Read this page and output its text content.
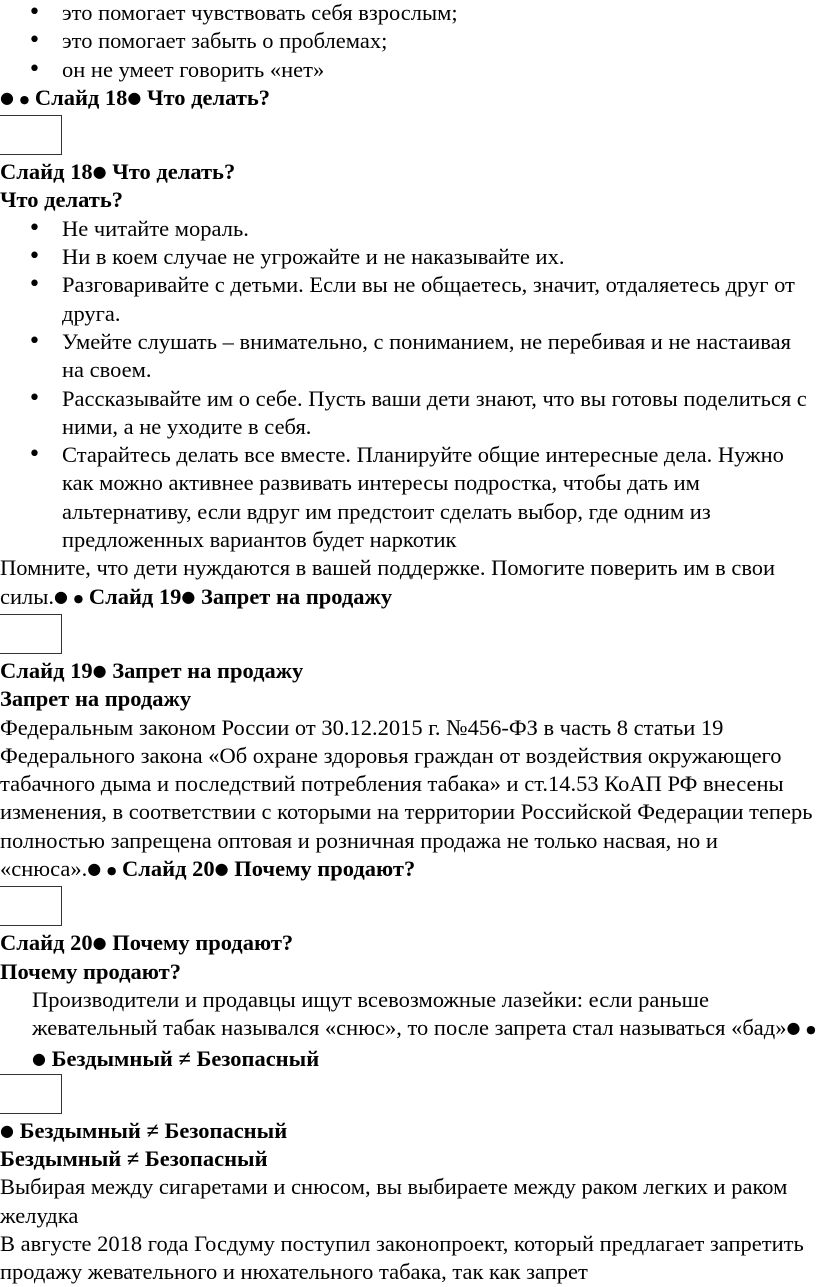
• это помогает чувствовать себя взрослым;

• это помогает забыть о проблемах;

• он не умеет говорить «нет»

● ● Слайд 18● Что делать?

Слайд 18● Что делать?

Что делать?

• Не читайте мораль.

• Ни в коем случае не угрожайте и не наказывайте их.

• Разговаривайте с детьми. Если вы не общаетесь, значит, отдаляетесь друг от друга.

• Умейте слушать – внимательно, с пониманием, не перебивая и не настаивая на своем.

• Рассказывайте им о себе. Пусть ваши дети знают, что вы готовы поделиться с ними, а не уходите в себя.

• Старайтесь делать все вместе. Планируйте общие интересные дела. Нужно как можно активнее развивать интересы подростка, чтобы дать им альтернативу, если вдруг им предстоит сделать выбор, где одним из предложенных вариантов будет наркотик

Помните, что дети нуждаются в вашей поддержке. Помогите поверить им в свои силы.● ● Слайд 19● Запрет на продажу

Слайд 19● Запрет на продажу

Запрет на продажу

Федеральным законом России от 30.12.2015 г. №456-ФЗ в часть 8 статьи 19 Федерального закона «Об охране здоровья граждан от воздействия окружающего табачного дыма и последствий потребления табака» и ст.14.53 КоАП РФ внесены изменения, в соответствии с которыми на территории Российской Федерации теперь полностью запрещена оптовая и розничная продажа не только насвая, но и «снюса».● ● Слайд 20● Почему продают?

Слайд 20● Почему продают?

Почему продают?

Производители и продавцы ищут всевозможные лазейки: если раньше жевательный табак назывался «снюс», то после запрета стал называться «бад»● ● ● Бездымный ≠ Безопасный

● Бездымный ≠ Безопасный

Бездымный ≠ Безопасный

Выбирая между сигаретами и снюсом, вы выбираете между раком легких и раком желудка

В августе 2018 года Госдуму поступил законопроект, который предлагает запретить продажу жевательного и нюхательного табака, так как запрет
